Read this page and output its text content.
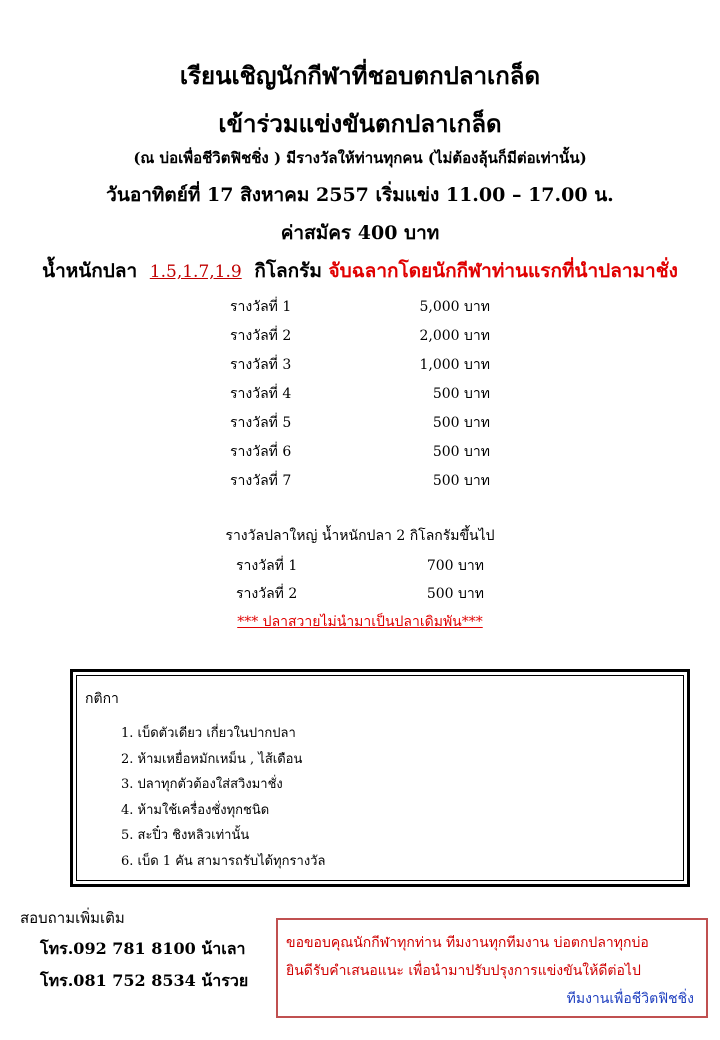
เรียนเชิญนักกีฬาที่ชอบตกปลาเกล็ด
เข้าร่วมแข่งขันตกปลาเกล็ด
(ณ บ่อเพื่อชีวิตฟิชชิ่ง ) มีรางวัลให้ท่านทุกคน (ไม่ต้องลุ้นก็มีต่อเท่านั้น)
วันอาทิตย์ที่ 17 สิงหาคม 2557 เริ่มแข่ง 11.00 – 17.00 น.
ค่าสมัคร 400 บาท
น้ำหนักปลา 1.5,1.7,1.9 กิโลกรัม จับฉลากโดยนักกีฬาท่านแรกที่นำปลามาชั่ง
รางวัลที่ 1	5,000 บาท
รางวัลที่ 2	2,000 บาท
รางวัลที่ 3	1,000 บาท
รางวัลที่ 4	500 บาท
รางวัลที่ 5	500 บาท
รางวัลที่ 6	500 บาท
รางวัลที่ 7	500 บาท
รางวัลปลาใหญ่ น้ำหนักปลา 2 กิโลกรัมขึ้นไป
รางวัลที่ 1	700 บาท
รางวัลที่ 2	500 บาท
*** ปลาสวายไม่นำมาเป็นปลาเดิมพัน***
กติกา
1. เบ็ดตัวเดียว เกี่ยวในปากปลา
2. ห้ามเหยื่อหมักเหม็น , ไส้เดือน
3. ปลาทุกตัวต้องใส่สวิงมาชั่ง
4. ห้ามใช้เครื่องชั่งทุกชนิด
5. สะปิ๋ว ชิงหลิวเท่านั้น
6. เบ็ด 1 คัน สามารถรับได้ทุกรางวัล
สอบถามเพิ่มเติม
โทร.092 781 8100 น้าเลา
โทร.081 752 8534 น้ารวย
ขอขอบคุณนักกีฬาทุกท่าน ทีมงานทุกทีมงาน บ่อตกปลาทุกบ่อ
ยินดีรับคำเสนอแนะ เพื่อนำมาปรับปรุงการแข่งขันให้ดีต่อไป
ทีมงานเพื่อชีวิตฟิชชิ่ง
